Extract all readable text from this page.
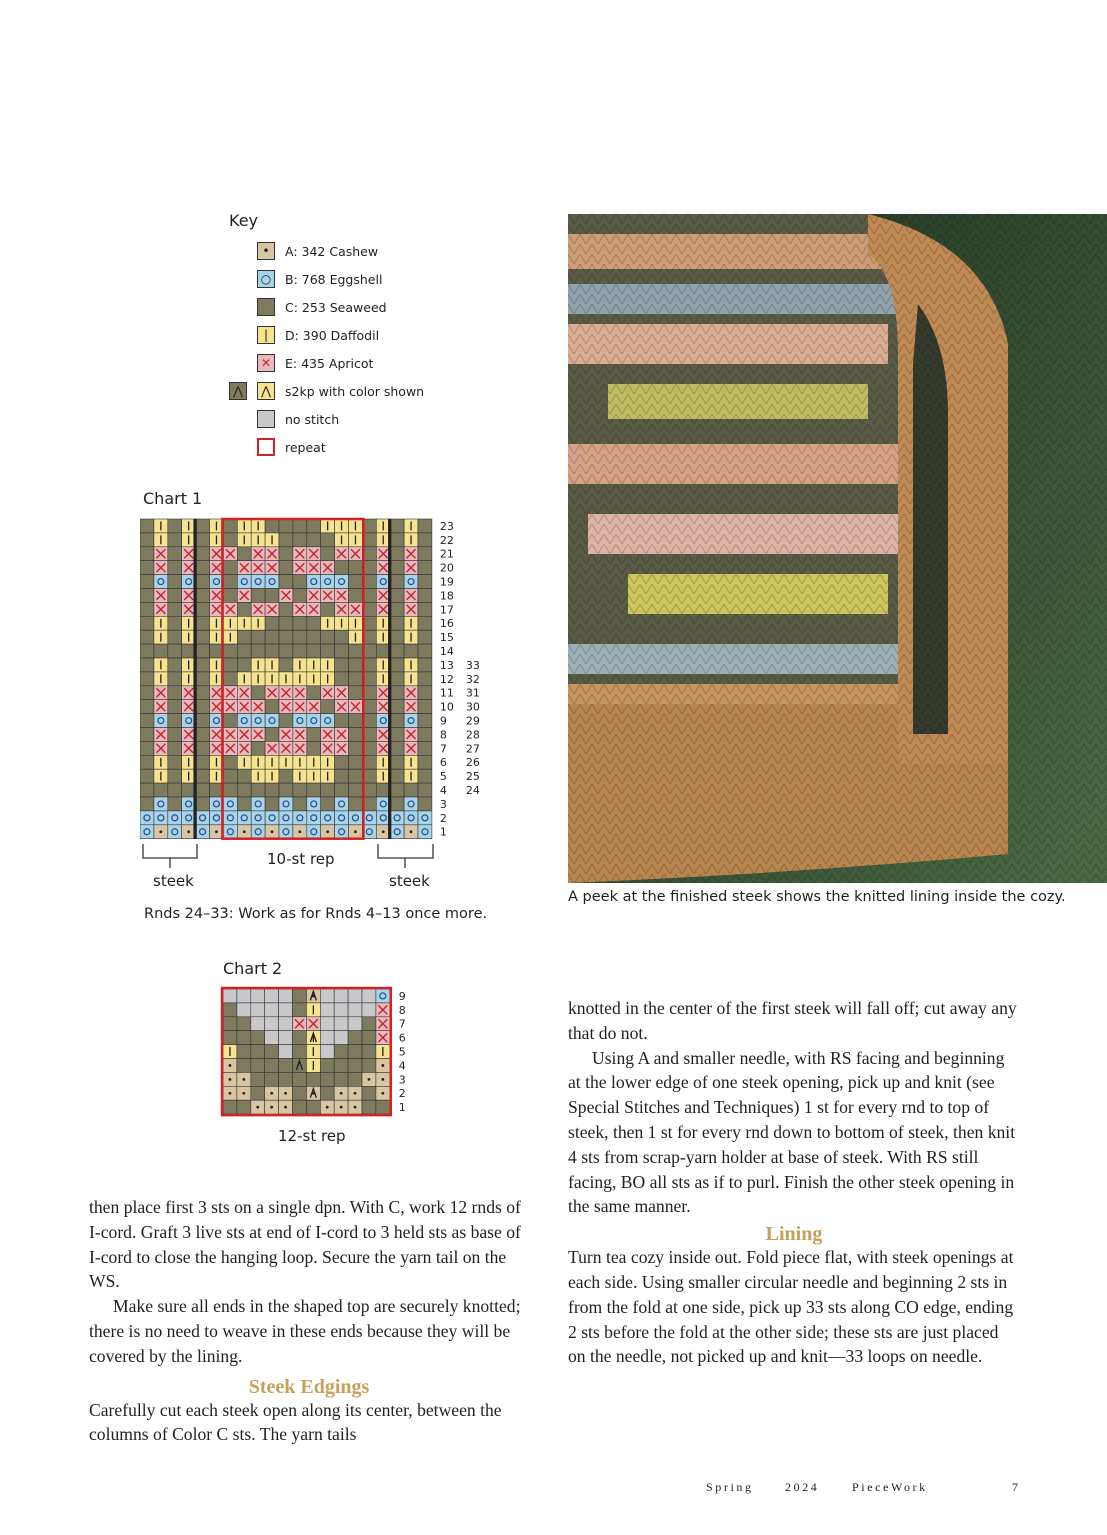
Key
•	A: 342 Cashew
○	B: 768 Eggshell
C: 253 Seaweed
|	D: 390 Daffodil
✕	E: 435 Apricot
⋀	⋀	s2kp with color shown
no stitch
repeat
Chart 1
23
22
21
20
19
18
17
16
15
14
13
12
11
10
9
8
7
6
5
4
3
2
1
33
32
31
30
29
28
27
26
25
24
10-st rep
steek	steek
Rnds 24–33: Work as for Rnds 4–13 once more.
Chart 2
9
8
7
6
5
4
3
2
1
12-st rep
A peek at the finished steek shows the knitted lining inside the cozy.

then place first 3 sts on a single dpn. With C, work 12 rnds of I-cord. Graft 3 live sts at end of I-cord to 3 held sts as base of I-cord to close the hanging loop. Secure the yarn tail on the WS.

Make sure all ends in the shaped top are securely knotted; there is no need to weave in these ends because they will be covered by the lining.

Steek Edgings

Carefully cut each steek open along its center, between the columns of Color C sts. The yarn tails

knotted in the center of the first steek will fall off; cut away any that do not.

Using A and smaller needle, with RS facing and beginning at the lower edge of one steek opening, pick up and knit (see Special Stitches and Techniques) 1 st for every rnd to top of steek, then 1 st for every rnd down to bottom of steek, then knit 4 sts from scrap-yarn holder at base of steek. With RS still facing, BO all sts as if to purl. Finish the other steek opening in the same manner.

Lining

Turn tea cozy inside out. Fold piece flat, with steek openings at each side. Using smaller circular needle and beginning 2 sts in from the fold at one side, pick up 33 sts along CO edge, ending 2 sts before the fold at the other side; these sts are just placed on the needle, not picked up and knit—33 loops on needle.

Spring	2024	PieceWork	7
